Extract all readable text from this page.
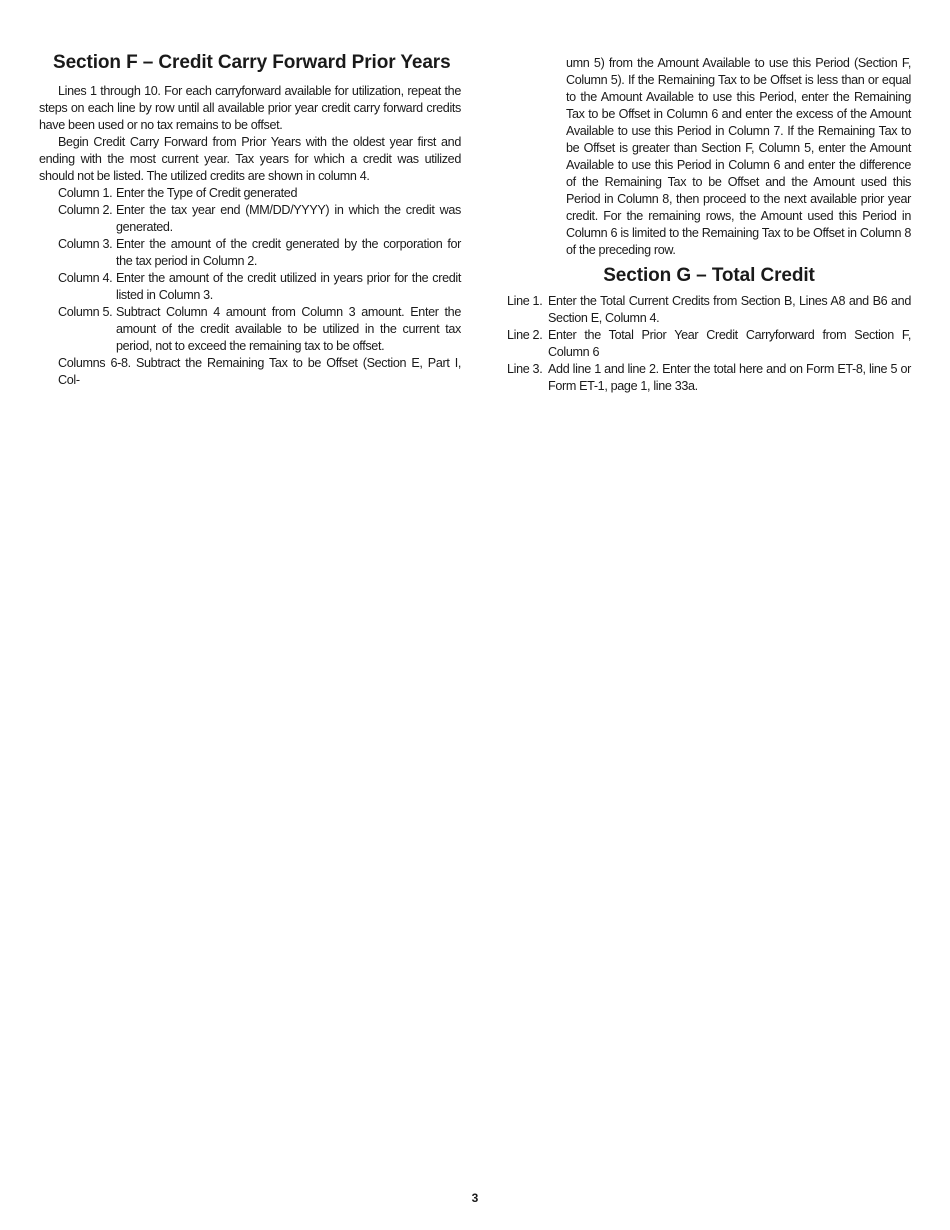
Section F – Credit Carry Forward Prior Years

Lines 1 through 10. For each carryforward available for utilization, repeat the steps on each line by row until all available prior year credit carry forward credits have been used or no tax remains to be offset.

Begin Credit Carry Forward from Prior Years with the oldest year first and ending with the most current year. Tax years for which a credit was utilized should not be listed. The utilized credits are shown in column 4.

Column 1. Enter the Type of Credit generated
Column 2. Enter the tax year end (MM/DD/YYYY) in which the credit was generated.
Column 3. Enter the amount of the credit generated by the corporation for the tax period in Column 2.
Column 4. Enter the amount of the credit utilized in years prior for the credit listed in Column 3.
Column 5. Subtract Column 4 amount from Column 3 amount. Enter the amount of the credit available to be utilized in the current tax period, not to exceed the remaining tax to be offset.
Columns 6-8. Subtract the Remaining Tax to be Offset (Section E, Part I, Col-
umn 5) from the Amount Available to use this Period (Section F, Column 5). If the Remaining Tax to be Offset is less than or equal to the Amount Available to use this Period, enter the Remaining Tax to be Offset in Column 6 and enter the excess of the Amount Available to use this Period in Column 7. If the Remaining Tax to be Offset is greater than Section F, Column 5, enter the Amount Available to use this Period in Column 6 and enter the difference of the Remaining Tax to be Offset and the Amount used this Period in Column 8, then proceed to the next available prior year credit. For the remaining rows, the Amount used this Period in Column 6 is limited to the Remaining Tax to be Offset in Column 8 of the preceding row.
Section G – Total Credit
Line 1. Enter the Total Current Credits from Section B, Lines A8 and B6 and Section E, Column 4.
Line 2. Enter the Total Prior Year Credit Carryforward from Section F, Column 6
Line 3. Add line 1 and line 2. Enter the total here and on Form ET-8, line 5 or Form ET-1, page 1, line 33a.
3
